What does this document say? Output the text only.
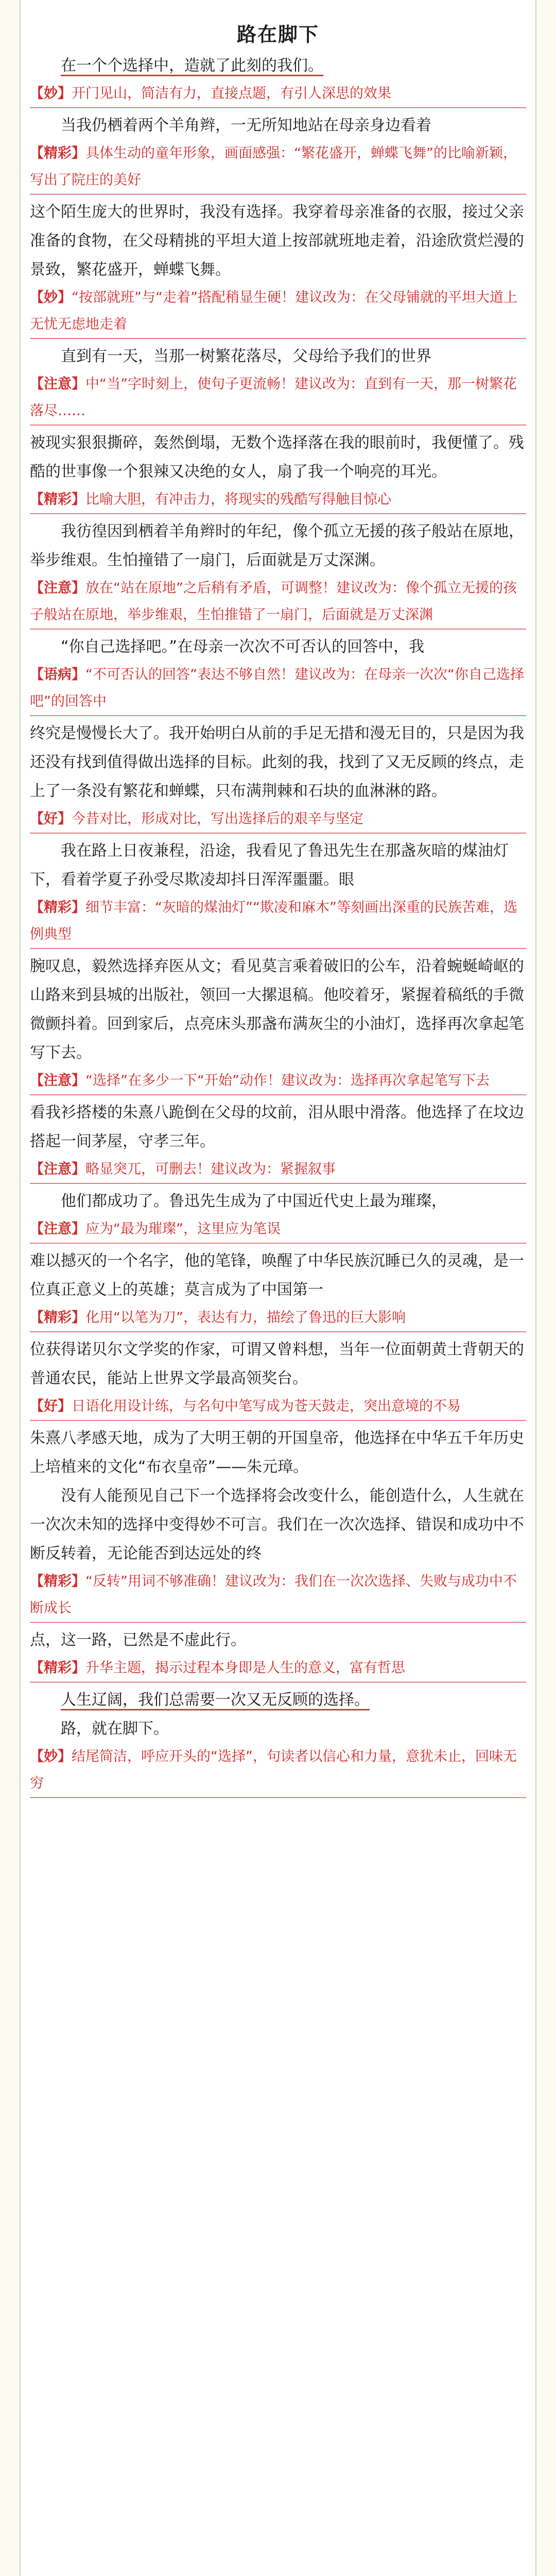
路在脚下

在一个个选择中，造就了此刻的我们。

【妙】开门见山，简洁有力，直接点题，有引人深思的效果

当我仍栖着两个羊角辫，一无所知地站在母亲身边看着

【精彩】具体生动的童年形象，画面感强：“繁花盛开，蝉蝶飞舞”的比喻新颖，写出了院庄的美好

这个陌生庞大的世界时，我没有选择。我穿着母亲准备的衣服，接过父亲准备的食物，在父母精挑的平坦大道上按部就班地走着，沿途欣赏烂漫的景致，繁花盛开，蝉蝶飞舞。

【妙】“按部就班”与“走着”搭配稍显生硬！建议改为：在父母铺就的平坦大道上无忧无虑地走着

直到有一天，当那一树繁花落尽，父母给予我们的世界

【注意】中“当”字时刻上，使句子更流畅！建议改为：直到有一天，那一树繁花落尽……

被现实狠狠撕碎，轰然倒塌，无数个选择落在我的眼前时，我便懂了。残酷的世事像一个狠辣又决绝的女人，扇了我一个响亮的耳光。

【精彩】比喻大胆，有冲击力，将现实的残酷写得触目惊心

我彷徨因到栖着羊角辫时的年纪，像个孤立无援的孩子般站在原地，举步维艰。生怕撞错了一扇门，后面就是万丈深渊。

【注意】放在“站在原地”之后稍有矛盾，可调整！建议改为：像个孤立无援的孩子般站在原地，举步维艰，生怕推错了一扇门，后面就是万丈深渊

“你自己选择吧。”在母亲一次次不可否认的回答中，我

【语病】“不可否认的回答”表达不够自然！建议改为：在母亲一次次“你自己选择吧”的回答中

终究是慢慢长大了。我开始明白从前的手足无措和漫无目的，只是因为我还没有找到值得做出选择的目标。此刻的我，找到了又无反顾的终点，走上了一条没有繁花和蝉蝶，只布满荆棘和石块的血淋淋的路。

【好】今昔对比，形成对比，写出选择后的艰辛与坚定

我在路上日夜兼程，沿途，我看见了鲁迅先生在那盏灰暗的煤油灯下，看着学夏子孙受尽欺凌却抖日浑浑噩噩。眼

【精彩】细节丰富：“灰暗的煤油灯”“欺凌和麻木”等刻画出深重的民族苦难，选例典型

腕叹息，毅然选择弃医从文；看见莫言乘着破旧的公车，沿着蜿蜒崎岖的山路来到县城的出版社，领回一大摞退稿。他咬着牙，紧握着稿纸的手微微颤抖着。回到家后，点亮床头那盏布满灰尘的小油灯，选择再次拿起笔写下去。

【注意】“选择”在多少一下“开始”动作！建议改为：选择再次拿起笔写下去

看我衫搭楼的朱熹八跪倒在父母的坟前，泪从眼中滑落。他选择了在坟边搭起一间茅屋，守孝三年。

【注意】略显突兀，可删去！建议改为：紧握叙事

他们都成功了。鲁迅先生成为了中国近代史上最为璀璨，

【注意】应为“最为璀璨”，这里应为笔误

难以撼灭的一个名字，他的笔锋，唤醒了中华民族沉睡已久的灵魂，是一位真正意义上的英雄；莫言成为了中国第一

【精彩】化用“以笔为刀”，表达有力，描绘了鲁迅的巨大影响

位获得诺贝尔文学奖的作家，可谓又曾料想，当年一位面朝黄土背朝天的普通农民，能站上世界文学最高领奖台。

【好】日语化用设计练，与名句中笔写成为苍天鼓走，突出意境的不易

朱熹八孝感天地，成为了大明王朝的开国皇帝，他选择在中华五千年历史上培植来的文化“布衣皇帝”——朱元璋。

没有人能预见自己下一个选择将会改变什么，能创造什么，人生就在一次次未知的选择中变得妙不可言。我们在一次次选择、错误和成功中不断反转着，无论能否到达远处的终

【精彩】“反转”用词不够准确！建议改为：我们在一次次选择、失败与成功中不断成长

点，这一路，已然是不虚此行。

【精彩】升华主题，揭示过程本身即是人生的意义，富有哲思

人生辽阔，我们总需要一次又无反顾的选择。

路，就在脚下。

【妙】结尾简洁，呼应开头的“选择”，句读者以信心和力量，意犹未止，回味无穷
